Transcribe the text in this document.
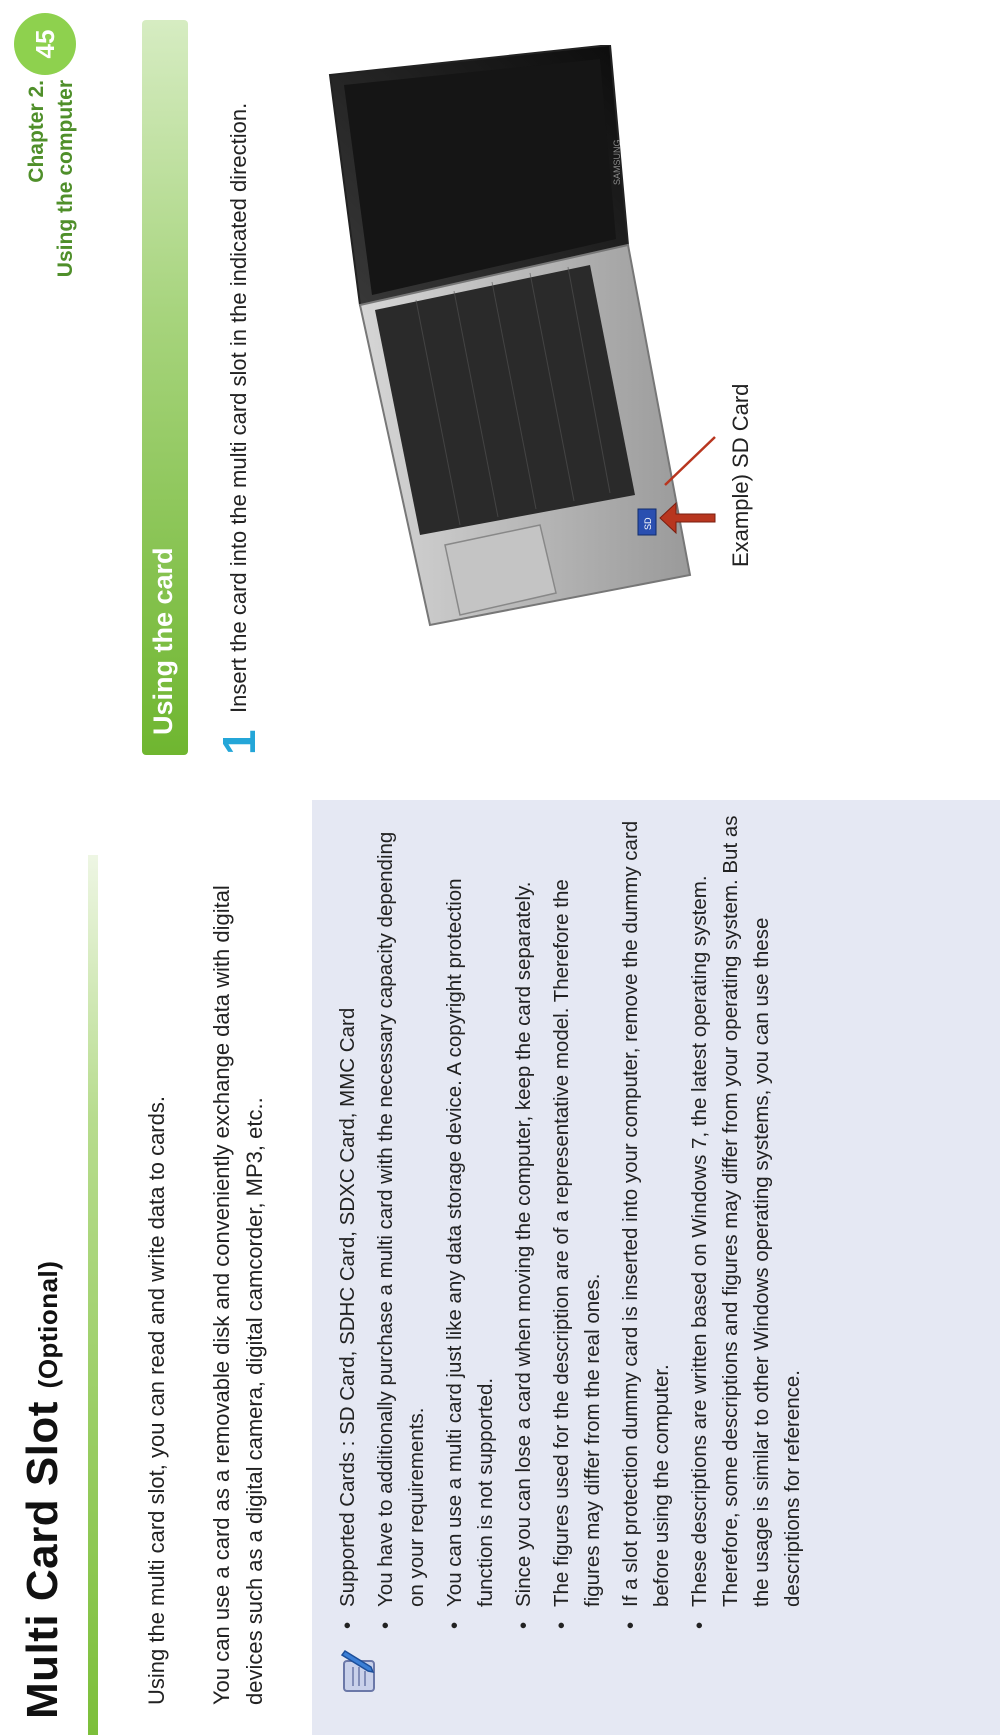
Multi Card Slot (Optional)
Chapter 2. Using the computer
45

Using the multi card slot, you can read and write data to cards. You can use a card as a removable disk and conveniently exchange data with digital devices such as a digital camera, digital camcorder, MP3, etc..	• Supported Cards : SD Card, SDHC Card, SDXC Card, MMC Card • You have to additionally purchase a multi card with the necessary capacity depending on your requirements. • You can use a multi card just like any data storage device. A copyright protection function is not supported. • Since you can lose a card when moving the computer, keep the card separately. • The figures used for the description are of a representative model. Therefore the figures may differ from the real ones. • If a slot protection dummy card is inserted into your computer, remove the dummy card before using the computer. • These descriptions are written based on Windows 7, the latest operating system. Therefore, some descriptions and figures may differ from your operating system. But as the usage is similar to other Windows operating systems, you can use these descriptions for reference.
Using the card
1

Insert the card into the multi card slot in the indicated direction.	SAMSUNG
SD	Example) SD Card
